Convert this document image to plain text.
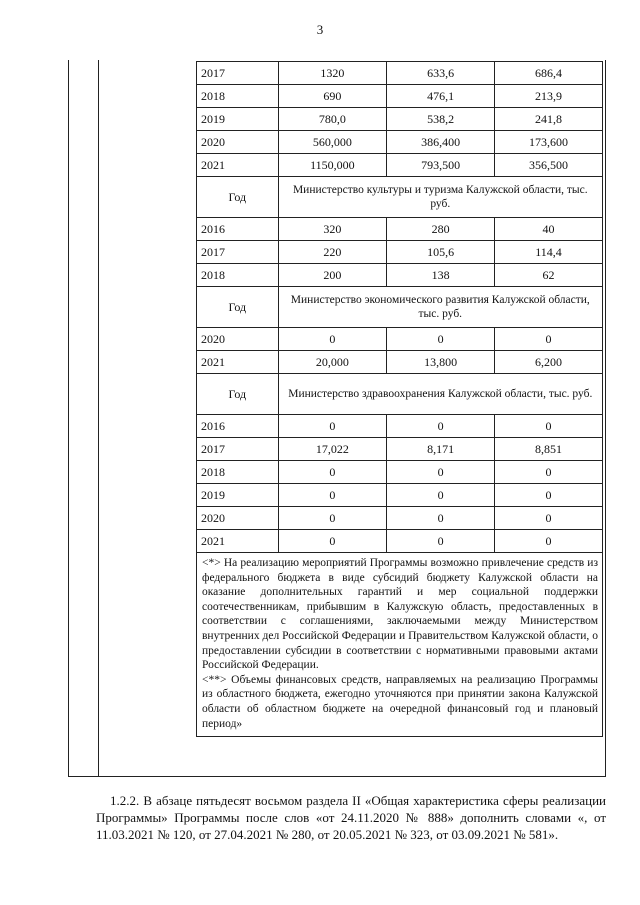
3
2017	1320	633,6	686,4
2018	690	476,1	213,9
2019	780,0	538,2	241,8
2020	560,000	386,400	173,600
2021	1150,000	793,500	356,500
Год	Министерство культуры и туризма Калужской области, тыс. руб.		
2016	320	280	40
2017	220	105,6	114,4
2018	200	138	62
Год	Министерство экономического развития Калужской области, тыс. руб.		
2020	0	0	0
2021	20,000	13,800	6,200
Год	Министерство здравоохранения Калужской области, тыс. руб.		
2016	0	0	0
2017	17,022	8,171	8,851
2018	0	0	0
2019	0	0	0
2020	0	0	0
2021	0	0	0

<*> На реализацию мероприятий Программы возможно привлечение средств из федерального бюджета в виде субсидий бюджету Калужской области на оказание дополнительных гарантий и мер социальной поддержки соотечественникам, прибывшим в Калужскую область, предоставленных в соответствии с соглашениями, заключаемыми между Министерством внутренних дел Российской Федерации и Правительством Калужской области, о предоставлении субсидии в соответствии с нормативными правовыми актами Российской Федерации.

<**> Объемы финансовых средств, направляемых на реализацию Программы из областного бюджета, ежегодно уточняются при принятии закона Калужской области об областном бюджете на очередной финансовый год и плановый период»			

1.2.2. В абзаце пятьдесят восьмом раздела II «Общая характеристика сферы реализации Программы» Программы после слов «от 24.11.2020 № 888» дополнить словами «, от 11.03.2021 № 120, от 27.04.2021 № 280, от 20.05.2021 № 323, от 03.09.2021 № 581».
